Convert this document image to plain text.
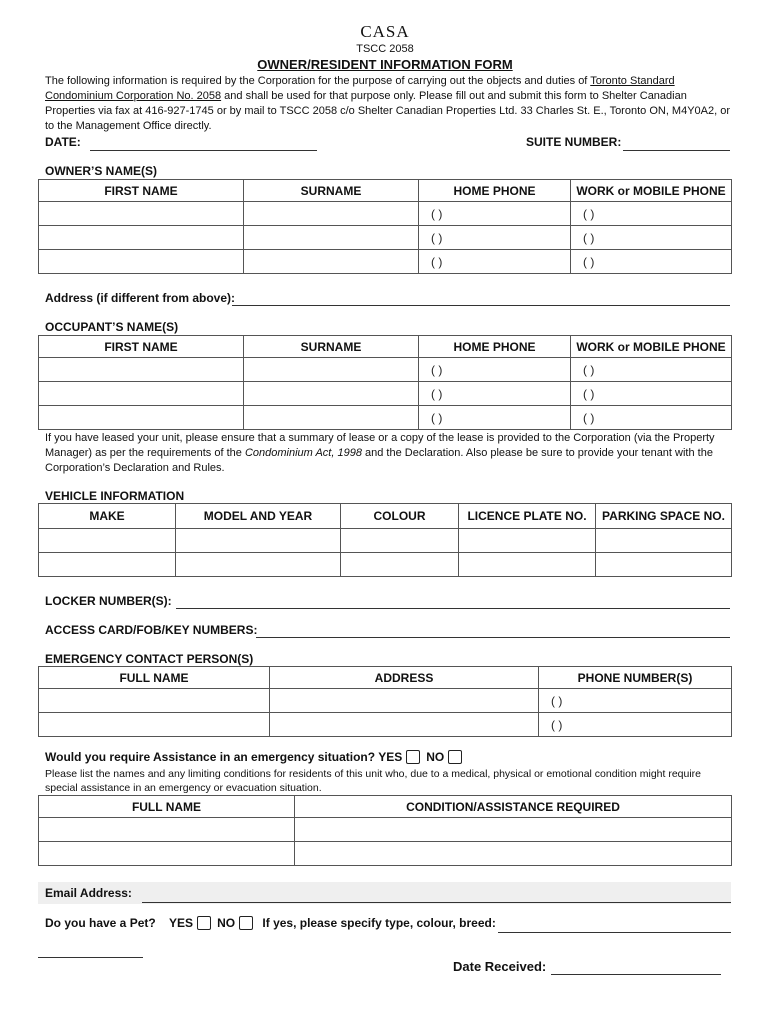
CASA
TSCC 2058
OWNER/RESIDENT INFORMATION FORM
The following information is required by the Corporation for the purpose of carrying out the objects and duties of Toronto Standard Condominium Corporation No. 2058 and shall be used for that purpose only. Please fill out and submit this form to Shelter Canadian Properties via fax at 416-927-1745 or by mail to TSCC 2058 c/o Shelter Canadian Properties Ltd. 33 Charles St. E., Toronto ON, M4Y0A2, or to the Management Office directly.
DATE:	SUITE NUMBER:
OWNER’S NAME(S)
FIRST NAME	SURNAME	HOME PHONE	WORK or MOBILE PHONE
		( )	( )
		( )	( )
		( )	( )
Address (if different from above):
OCCUPANT’S NAME(S)
FIRST NAME	SURNAME	HOME PHONE	WORK or MOBILE PHONE
		( )	( )
		( )	( )
		( )	( )
If you have leased your unit, please ensure that a summary of lease or a copy of the lease is provided to the Corporation (via the Property Manager) as per the requirements of the Condominium Act, 1998 and the Declaration. Also please be sure to provide your tenant with the Corporation’s Declaration and Rules.
VEHICLE INFORMATION
MAKE	MODEL AND YEAR	COLOUR	LICENCE PLATE NO.	PARKING SPACE NO.

LOCKER NUMBER(S):
ACCESS CARD/FOB/KEY NUMBERS:
EMERGENCY CONTACT PERSON(S)
FULL NAME	ADDRESS	PHONE NUMBER(S)
		( )
		( )
Would you require Assistance in an emergency situation? YES NO
Please list the names and any limiting conditions for residents of this unit who, due to a medical, physical or emotional condition might require special assistance in an emergency or evacuation situation.
FULL NAME	CONDITION/ASSISTANCE REQUIRED

Email Address:
Do you have a Pet? YES NO If yes, please specify type, colour, breed:
Date Received:
